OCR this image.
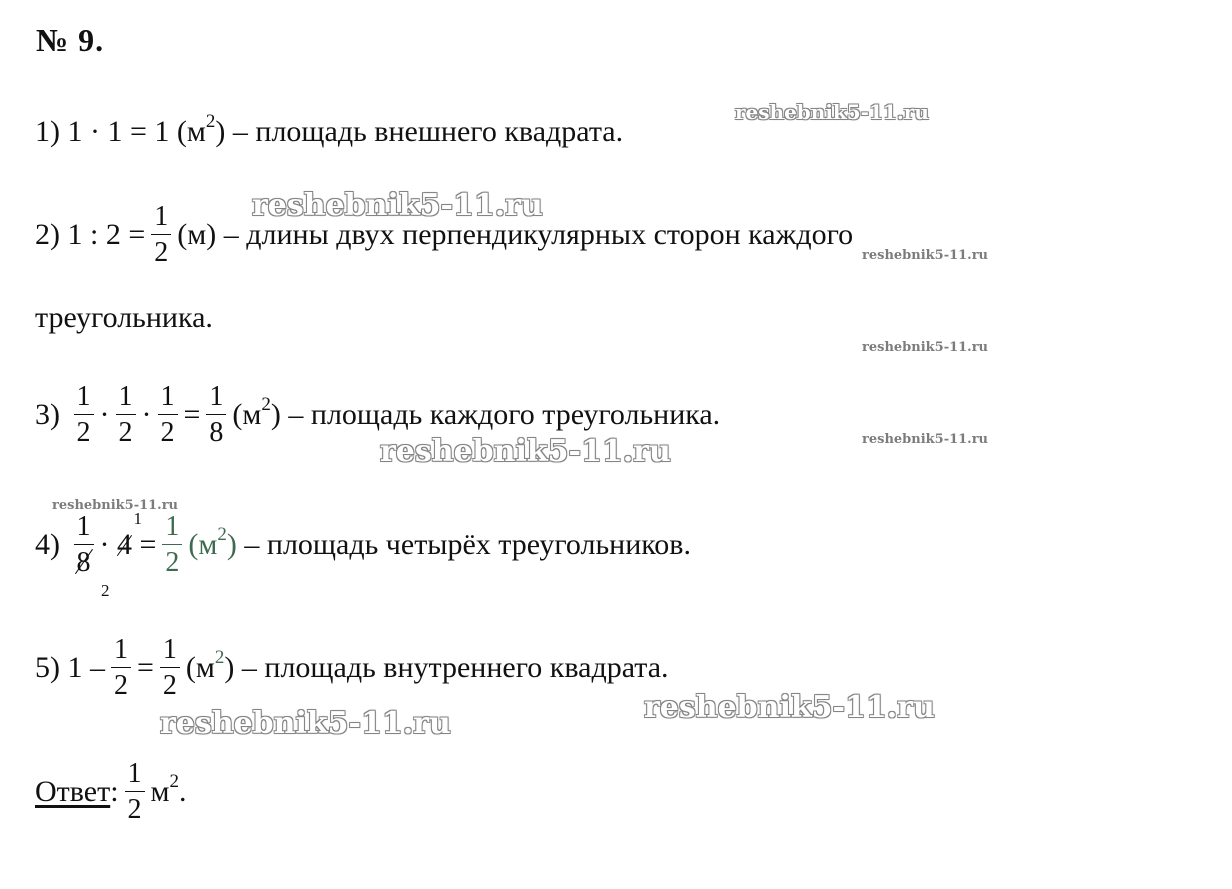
№ 9.
1)
1 · 1 = 1
$(м^2)$
– площадь внешнего квадрата.
2)
1 : $2 = \frac{1}{2} (м)$
– длины двух перпендикулярных сторон каждого
треугольника.
3)
$\frac{1}{2} \cdot \frac{1}{2} \cdot \frac{1}{2} = \frac{1}{8} (м^2)$
– площадь каждого треугольника.
4)

1
8
2
·
4
1

= $\frac{1}{2} (м^2)$
– площадь четырёх треугольников.
5)
$1 - \frac{1}{2} = \frac{1}{2} (м^2)$
– площадь внутреннего квадрата.
Ответ : $\frac{1}{2} м^2$.
reshebnik5-11.ru
reshebnik5-11.ru
reshebnik5-11.ru
reshebnik5-11.ru
reshebnik5-11.ru
reshebnik5-11.ru
reshebnik5-11.ru
reshebnik5-11.ru	reshebnik5-11.ru
